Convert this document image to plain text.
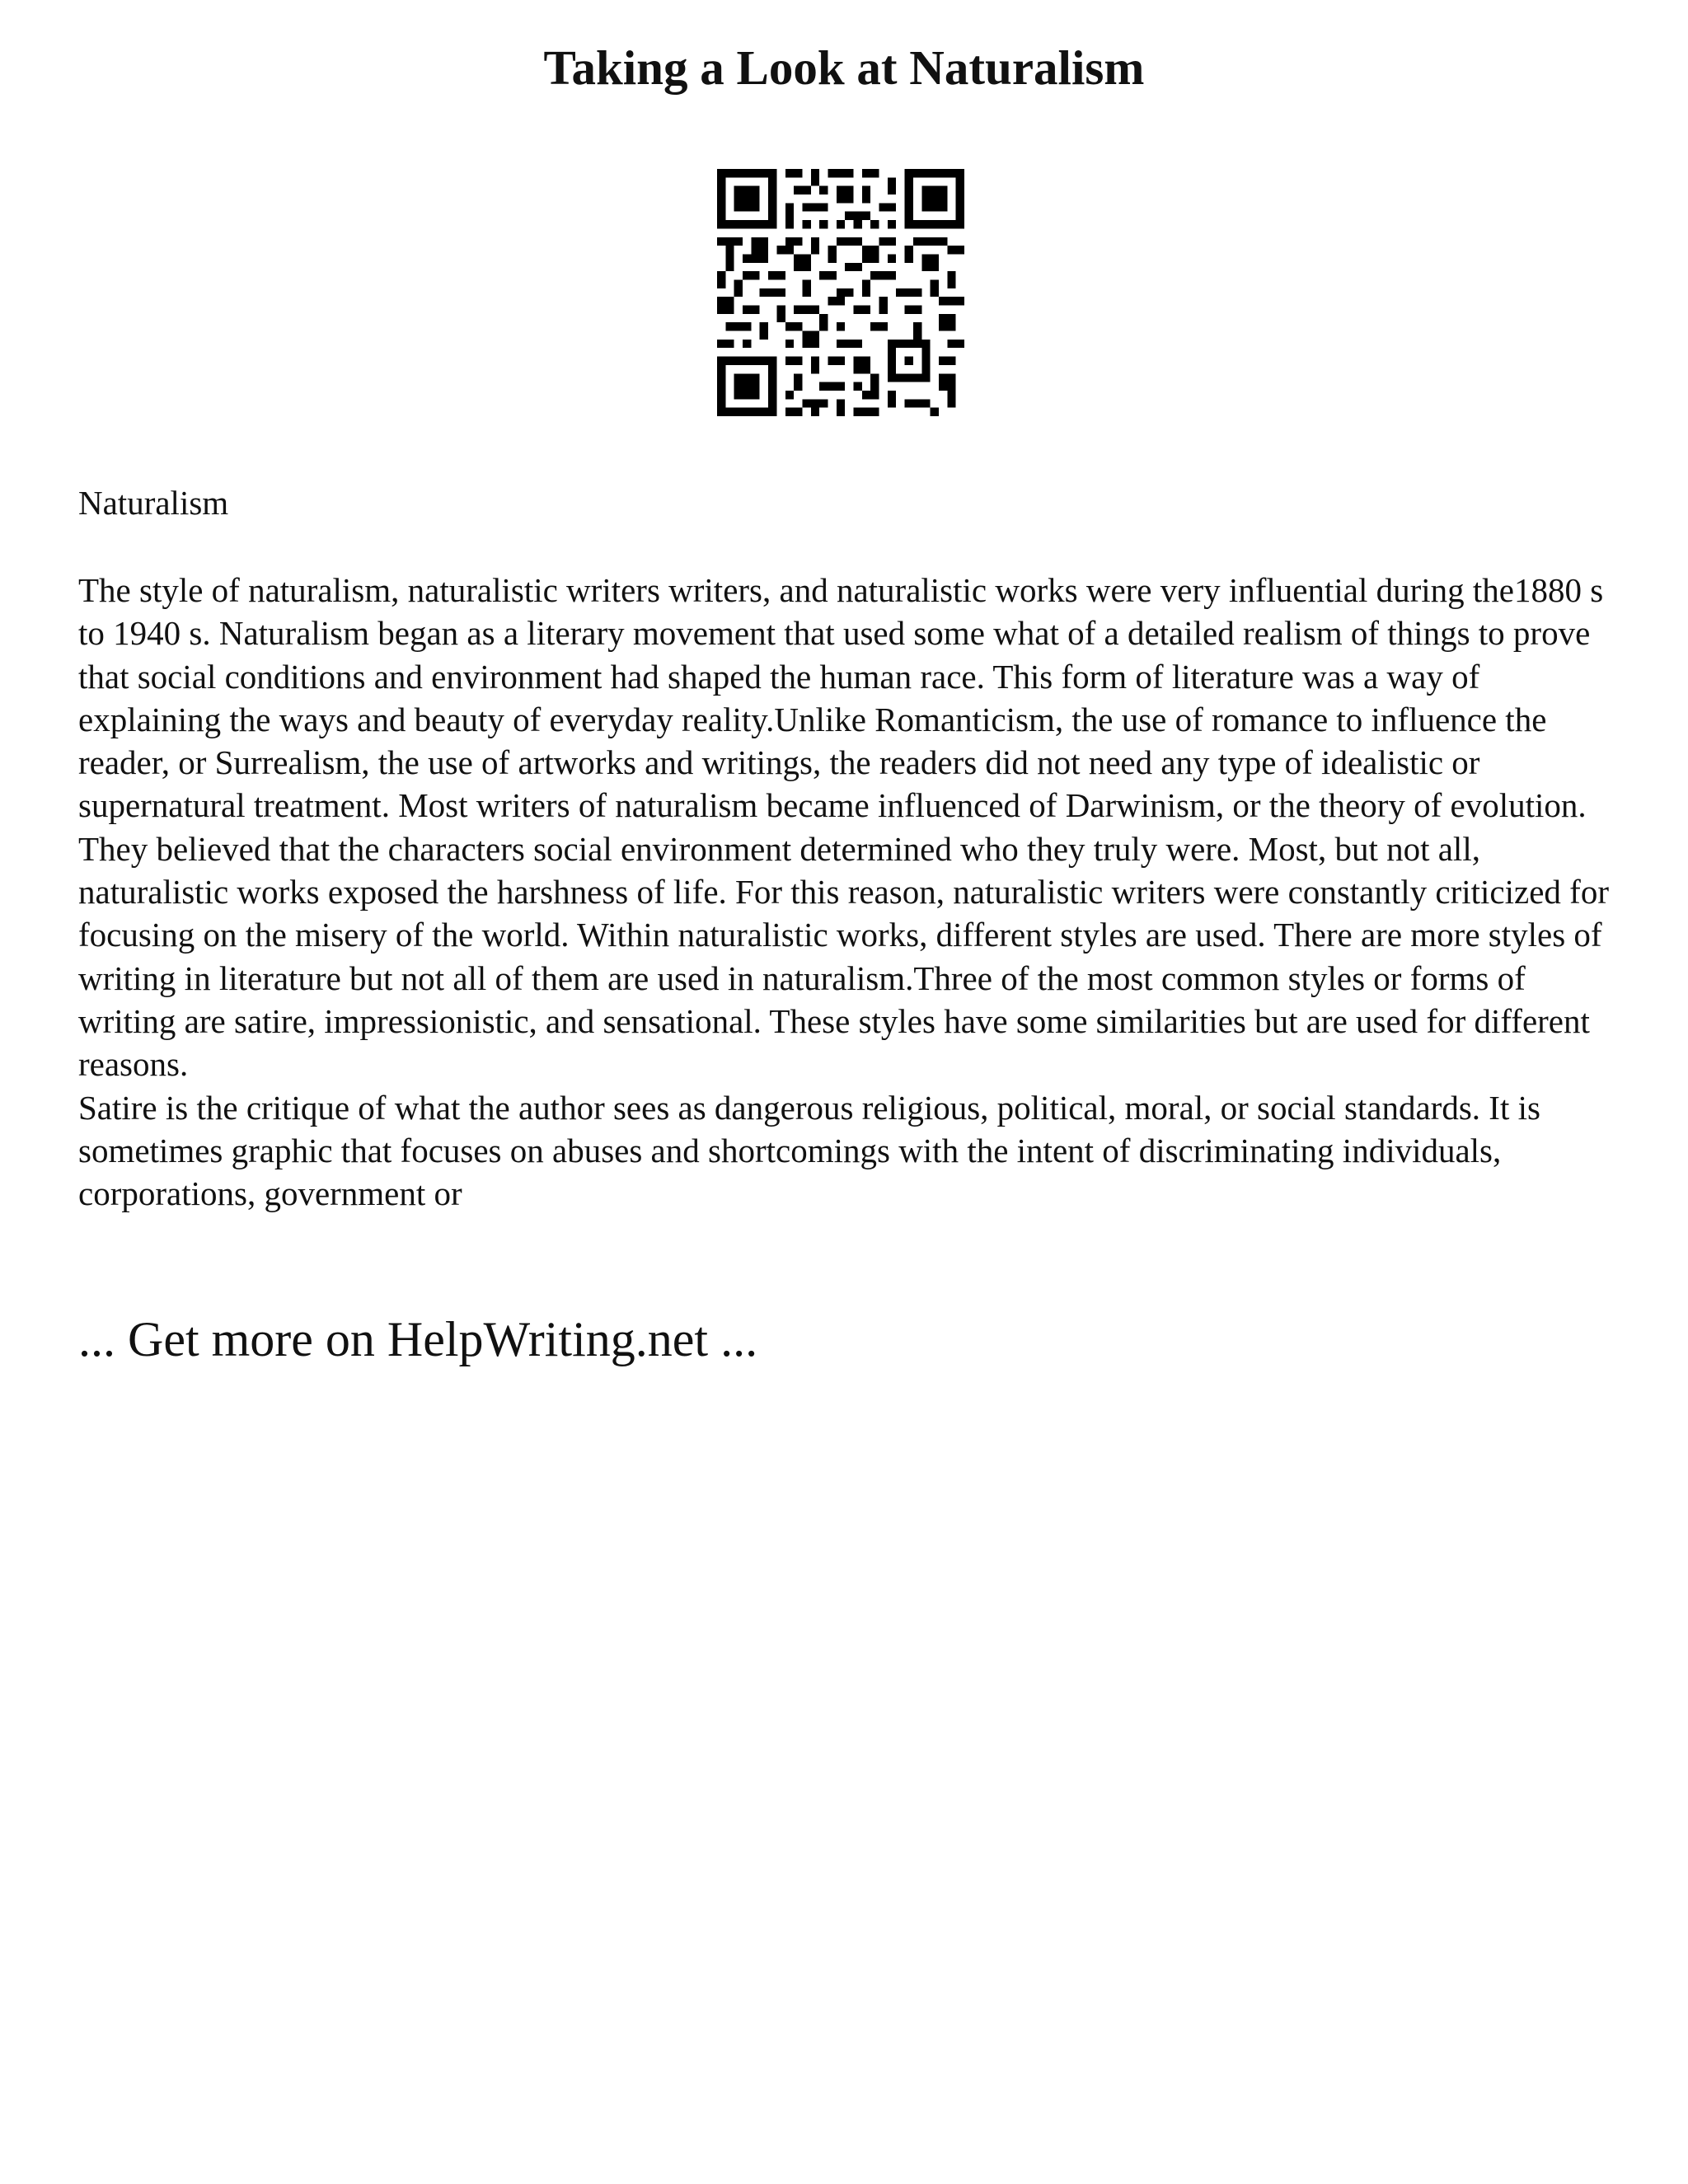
Taking a Look at Naturalism
Naturalism

The style of naturalism, naturalistic writers writers, and naturalistic works were very influential during the1880 s to 1940 s. Naturalism began as a literary movement that used some what of a detailed realism of things to prove that social conditions and environment had shaped the human race. This form of literature was a way of explaining the ways and beauty of everyday reality.Unlike Romanticism, the use of romance to influence the reader, or Surrealism, the use of artworks and writings, the readers did not need any type of idealistic or supernatural treatment. Most writers of naturalism became influenced of Darwinism, or the theory of evolution. They believed that the characters social environment determined who they truly were. Most, but not all, naturalistic works exposed the harshness of life. For this reason, naturalistic writers were constantly criticized for focusing on the misery of the world. Within naturalistic works, different styles are used. There are more styles of writing in literature but not all of them are used in naturalism.Three of the most common styles or forms of writing are satire, impressionistic, and sensational. These styles have some similarities but are used for different reasons.

Satire is the critique of what the author sees as dangerous religious, political, moral, or social standards. It is sometimes graphic that focuses on abuses and shortcomings with the intent of discriminating individuals, corporations, government or

... Get more on HelpWriting.net ...
